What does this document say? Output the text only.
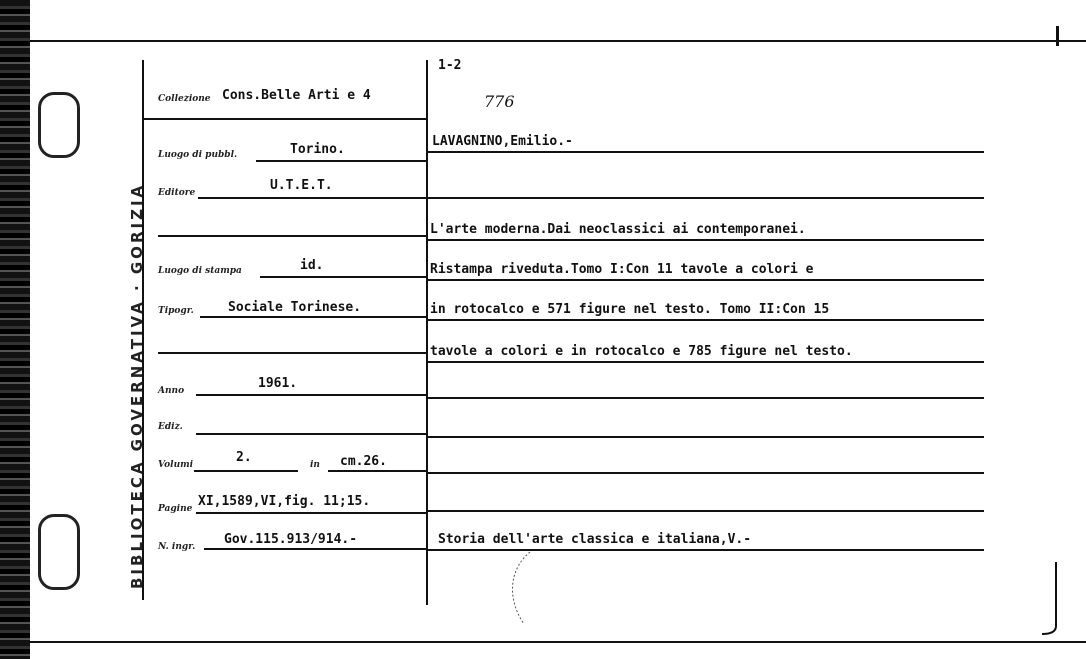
BIBLIOTECA GOVERNATIVA · GORIZIA
1-2
776
Collezione Cons.Belle Arti e 4
Luogo di pubbl.	Torino.
Editore	U.T.E.T.
Luogo di stampa	id.
Tipogr.	Sociale Torinese.
Anno	1961.
Ediz.
Volumi	2.	in cm.26.
Pagine XI,1589,VI,fig. 11;15.
N. ingr. Gov.115.913/914.-
LAVAGNINO,Emilio.-
L'arte moderna.Dai neoclassici ai contemporanei.
Ristampa riveduta.Tomo I:Con 11 tavole a colori e
in rotocalco e 571 figure nel testo. Tomo II:Con 15
tavole a colori e in rotocalco e 785 figure nel testo.
Storia dell'arte classica e italiana,V.-
